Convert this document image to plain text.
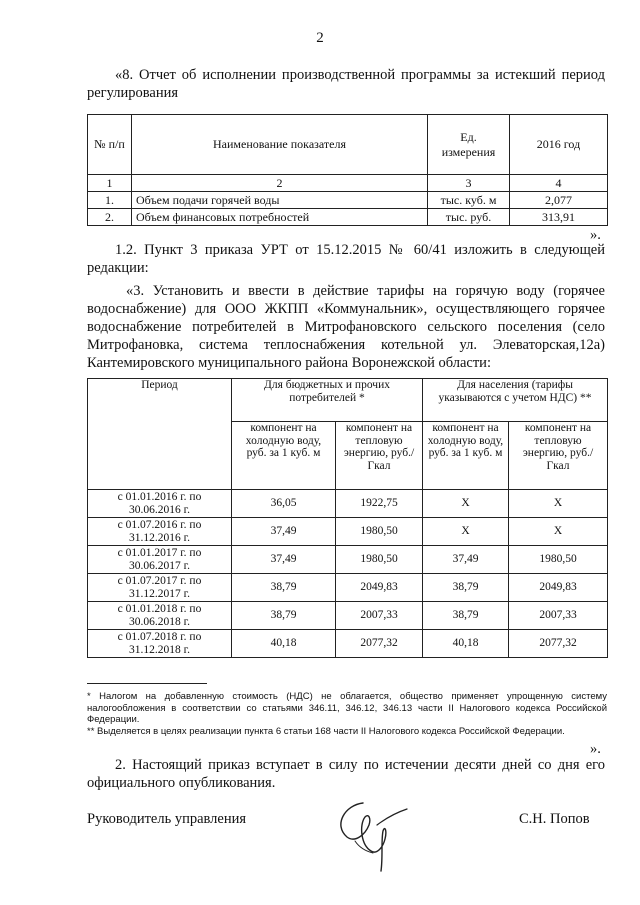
2
«8. Отчет об исполнении производственной программы за истекший период
регулирования
№ п/п	Наименование показателя	Ед. измерения	2016 год
1	2	3	4
1.	Объем подачи горячей воды	тыс. куб. м	2,077
2.	Объем финансовых потребностей	тыс. руб.	313,91
».
1.2. Пункт 3 приказа УРТ от 15.12.2015 № 60/41 изложить в следующей
редакции:
«3. Установить и ввести в действие тарифы на горячую воду (горячее
водоснабжение) для ООО ЖКПП «Коммунальник», осуществляющего горячее
водоснабжение потребителей в Митрофановского сельского поселения (село
Митрофановка, система теплоснабжения котельной ул. Элеваторская,12а)
Кантемировского муниципального района Воронежской области:
Период	Для бюджетных и прочих потребителей *		Для населения (тарифы указываются с учетом НДС) **	
	компонент на холодную воду, руб. за 1 куб. м	компонент на тепловую энергию, руб./Гкал	компонент на холодную воду, руб. за 1 куб. м	компонент на тепловую энергию, руб./Гкал
с 01.01.2016 г. по 30.06.2016 г.	36,05	1922,75	Х	Х
с 01.07.2016 г. по 31.12.2016 г.	37,49	1980,50	Х	Х
с 01.01.2017 г. по 30.06.2017 г.	37,49	1980,50	37,49	1980,50
с 01.07.2017 г. по 31.12.2017 г.	38,79	2049,83	38,79	2049,83
с 01.01.2018 г. по 30.06.2018 г.	38,79	2007,33	38,79	2007,33
с 01.07.2018 г. по 31.12.2018 г.	40,18	2077,32	40,18	2077,32
* Налогом на добавленную стоимость (НДС) не облагается, общество применяет упрощенную систему налогообложения в соответствии со статьями 346.11, 346.12, 346.13 части II Налогового кодекса Российской Федерации.
** Выделяется в целях реализации пункта 6 статьи 168 части II Налогового кодекса Российской Федерации.
».
2. Настоящий приказ вступает в силу по истечении десяти дней со дня его
официального опубликования.
Руководитель управления	С.Н. Попов
